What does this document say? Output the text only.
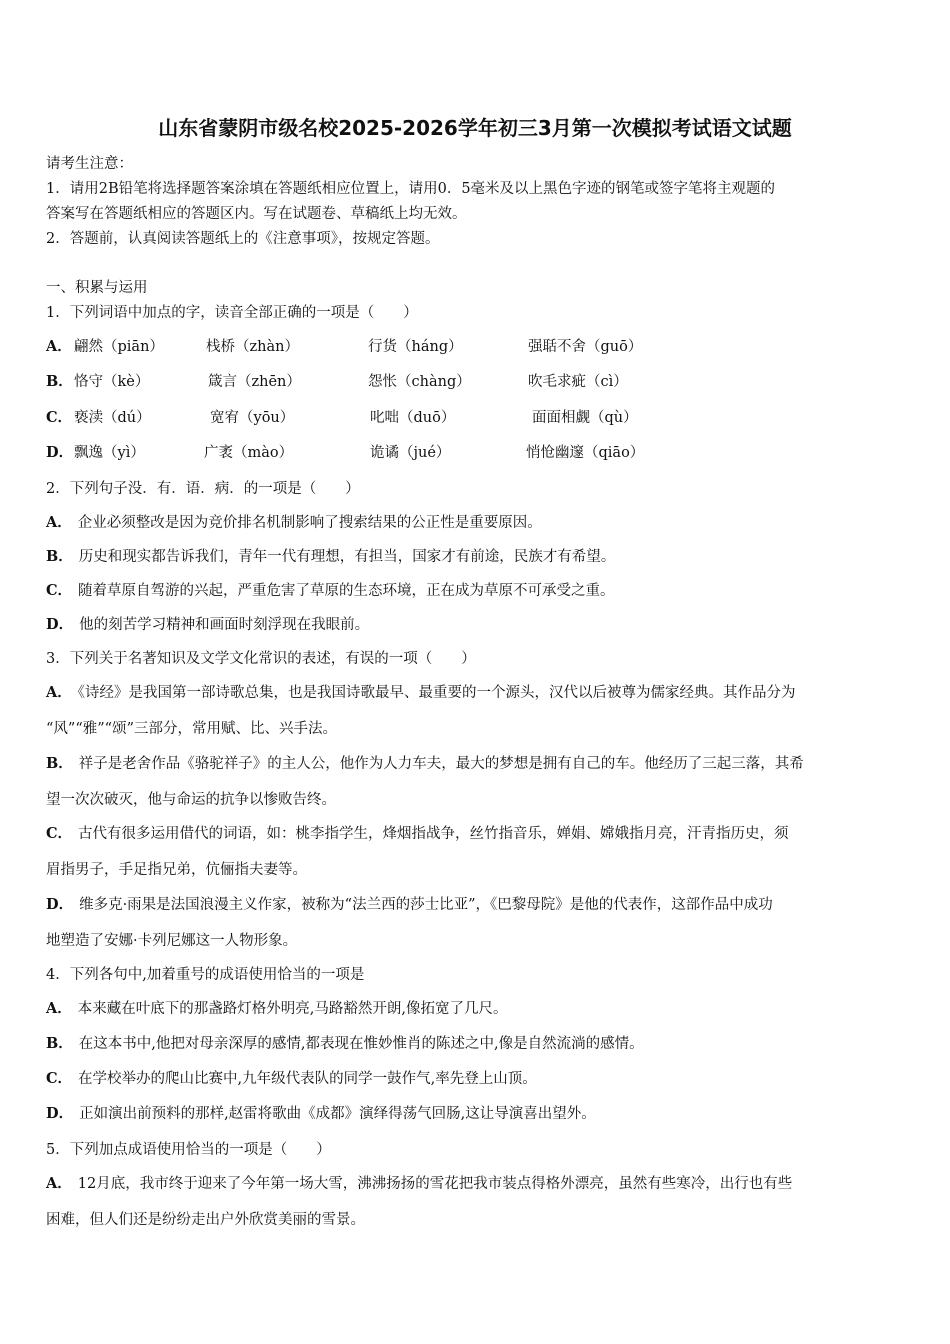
山东省蒙阴市级名校2025-2026学年初三3月第一次模拟考试语文试题
请考生注意：
1．请用2B铅笔将选择题答案涂填在答题纸相应位置上，请用0．5毫米及以上黑色字迹的钢笔或签字笔将主观题的
答案写在答题纸相应的答题区内。写在试题卷、草稿纸上均无效。
2．答题前，认真阅读答题纸上的《注意事项》，按规定答题。
一、积累与运用
1．下列词语中加点的字，读音全部正确的一项是（　　）
A． 翩然（piān）	栈桥（zhàn）	行货（háng）	强聒不舍（guō）
B． 恪守（kè）	箴言（zhēn）	怨怅（chàng）	吹毛求疵（cì）
C． 亵渎（dú）	宽宥（yōu）	叱咄（duō）	面面相觑（qù）
D． 飘逸（yì）	广袤（mào）	诡谲（jué）	悄怆幽邃（qiāo）
2．下列句子没．有．语．病．的一项是（　　）
A． 企业必须整改是因为竞价排名机制影响了搜索结果的公正性是重要原因。
B． 历史和现实都告诉我们，青年一代有理想，有担当，国家才有前途，民族才有希望。
C． 随着草原自驾游的兴起，严重危害了草原的生态环境，正在成为草原不可承受之重。
D． 他的刻苦学习精神和画面时刻浮现在我眼前。
3．下列关于名著知识及文学文化常识的表述，有误的一项（　　）
A． 《诗经》是我国第一部诗歌总集，也是我国诗歌最早、最重要的一个源头，汉代以后被尊为儒家经典。其作品分为
“风”“雅”“颂”三部分，常用赋、比、兴手法。
B． 祥子是老舍作品《骆驼祥子》的主人公，他作为人力车夫，最大的梦想是拥有自己的车。他经历了三起三落，其希
望一次次破灭，他与命运的抗争以惨败告终。
C． 古代有很多运用借代的词语，如：桃李指学生，烽烟指战争，丝竹指音乐，婵娟、嫦娥指月亮，汗青指历史，须
眉指男子，手足指兄弟，伉俪指夫妻等。
D． 维多克·雨果是法国浪漫主义作家，被称为“法兰西的莎士比亚”，《巴黎母院》是他的代表作，这部作品中成功
地塑造了安娜·卡列尼娜这一人物形象。
4．下列各句中,加着重号的成语使用恰当的一项是
A． 本来藏在叶底下的那盏路灯格外明亮,马路豁然开朗,像拓宽了几尺。
B． 在这本书中,他把对母亲深厚的感情,都表现在惟妙惟肖的陈述之中,像是自然流淌的感情。
C． 在学校举办的爬山比赛中,九年级代表队的同学一鼓作气,率先登上山顶。
D． 正如演出前预料的那样,赵雷将歌曲《成都》演绎得荡气回肠,这让导演喜出望外。
5．下列加点成语使用恰当的一项是（　　）
A． 12月底，我市终于迎来了今年第一场大雪，沸沸扬扬的雪花把我市装点得格外漂亮，虽然有些寒冷，出行也有些
困难，但人们还是纷纷走出户外欣赏美丽的雪景。
